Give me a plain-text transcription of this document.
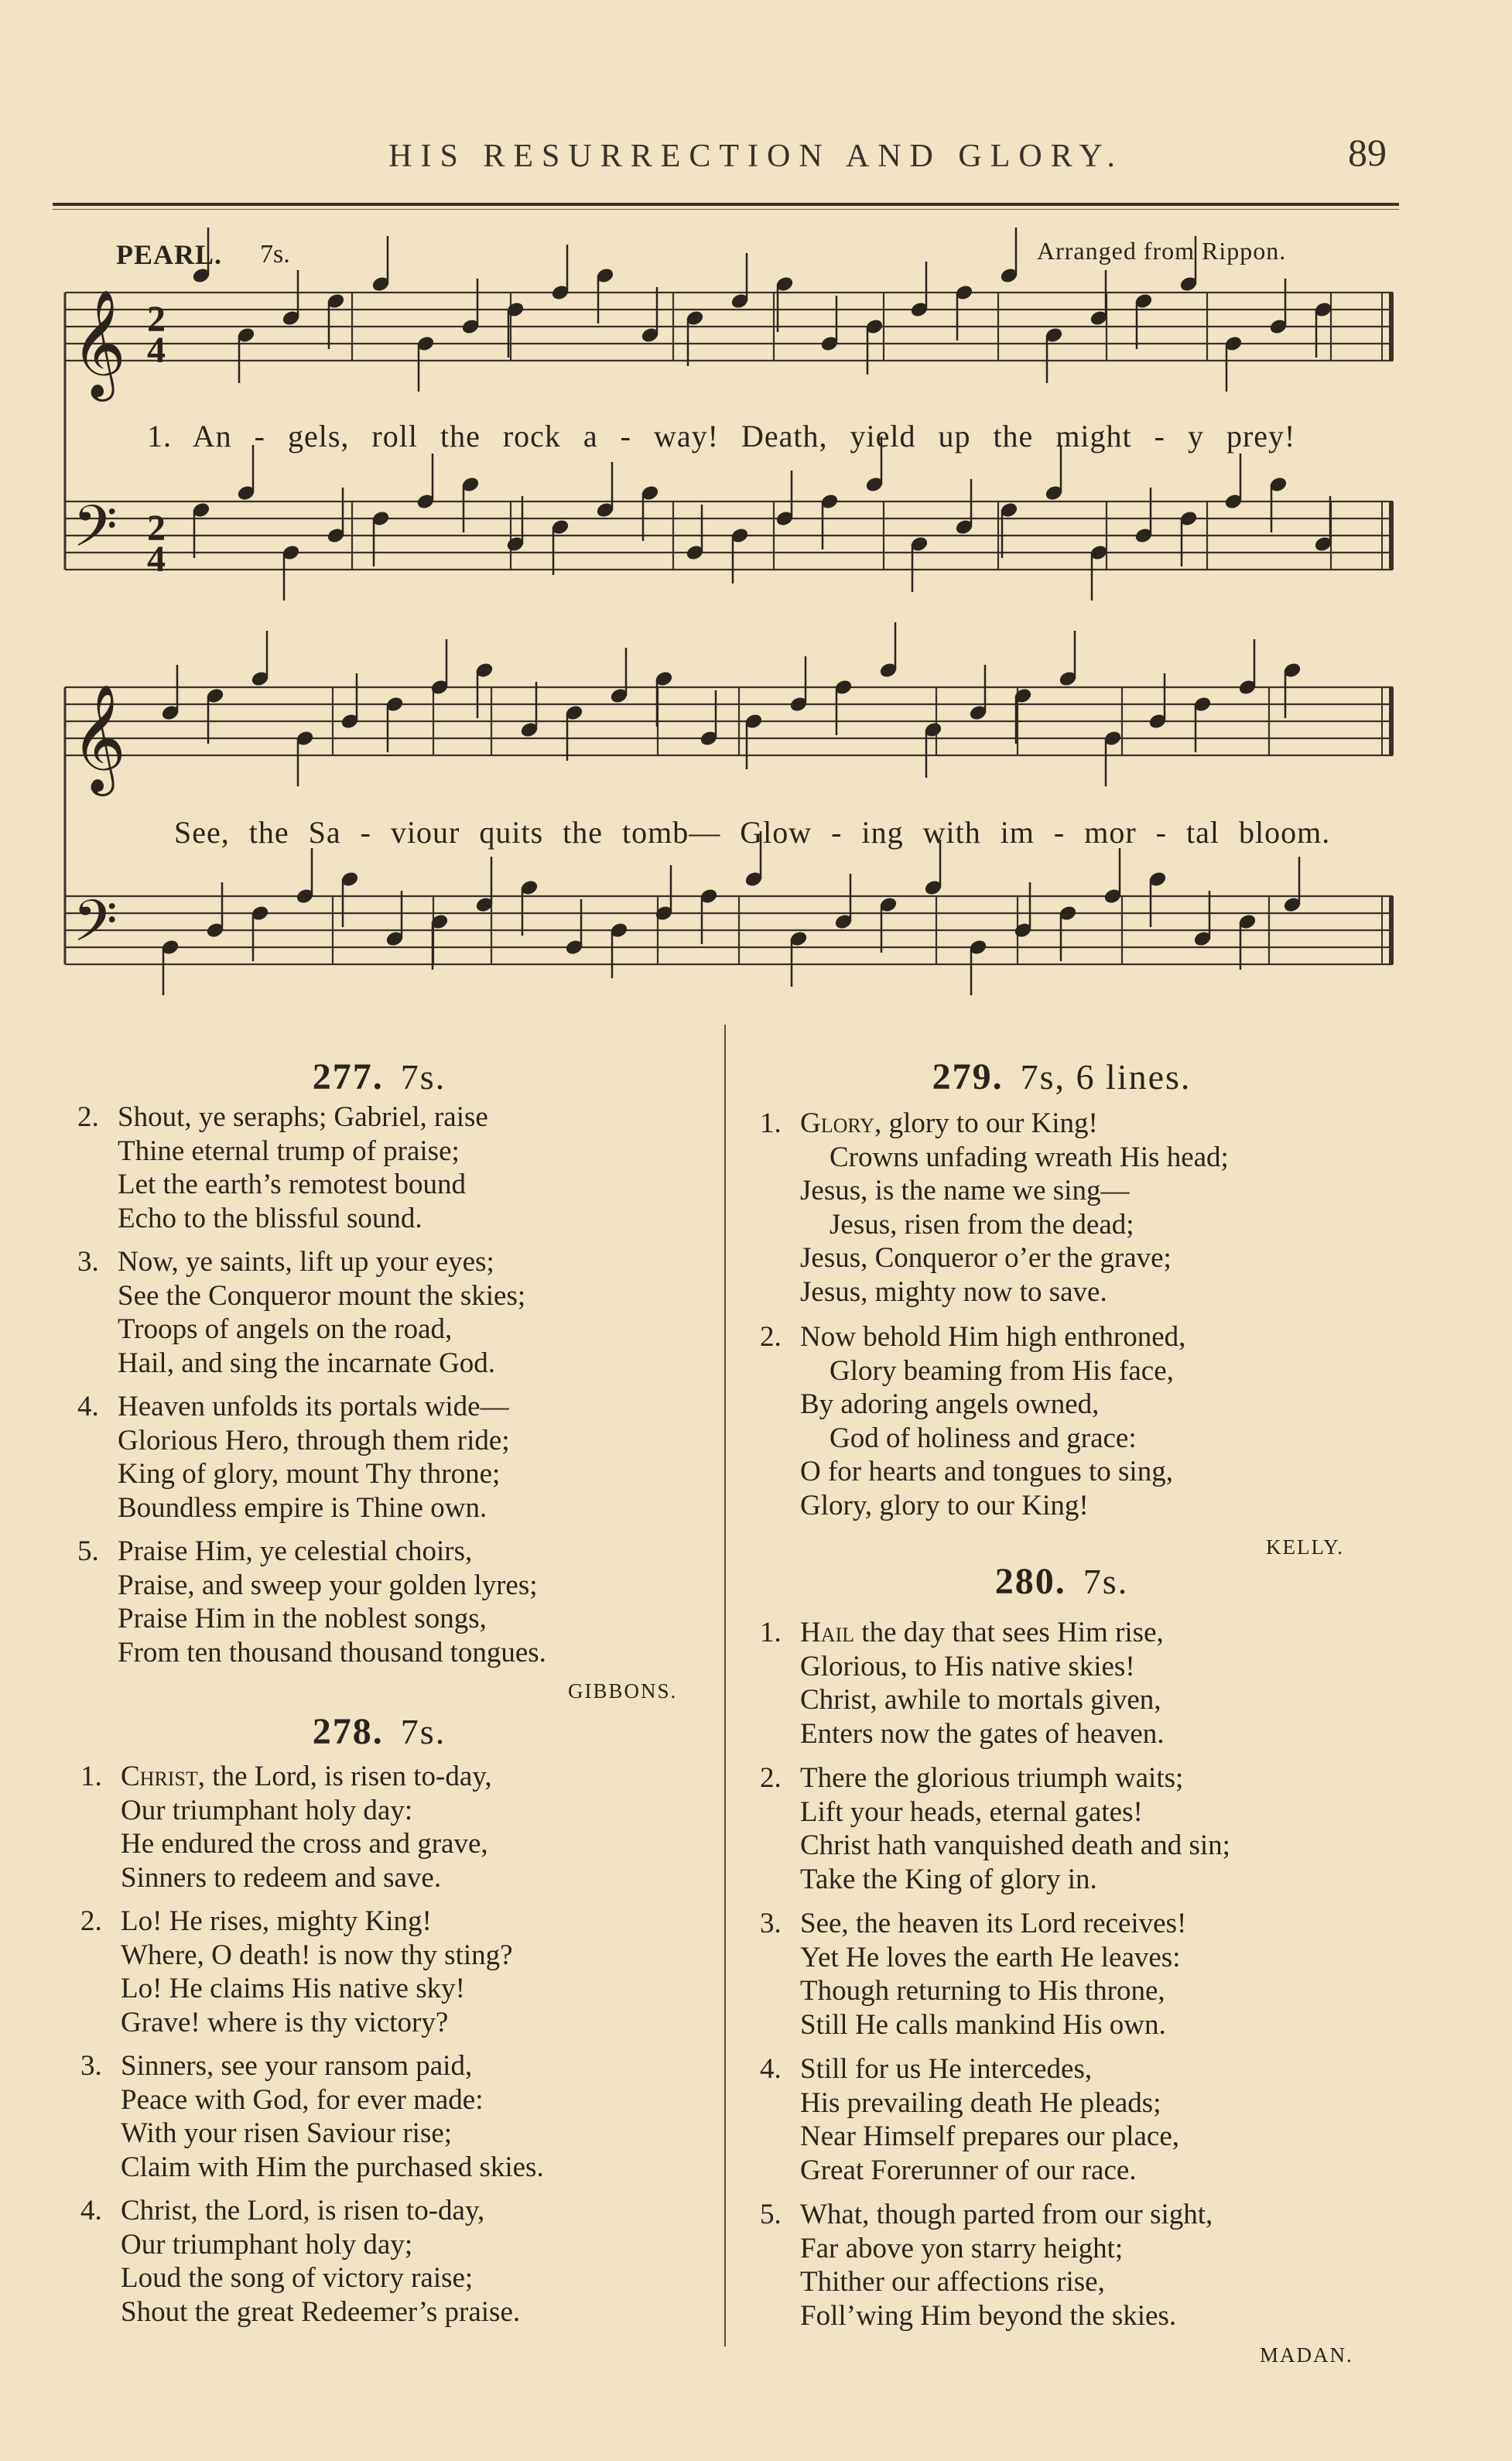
HIS RESURRECTION AND GLORY.	89
PEARL. 7s.	Arranged from Rippon.
𝄞
𝄢
𝄞
𝄢
2
4
2
4
1. An - gels, roll the rock a - way! Death, yield up the might - y prey!
See, the Sa - viour quits the tomb— Glow - ing with im - mor - tal bloom.
277. 7s.
2. Shout, ye seraphs; Gabriel, raise
Thine eternal trump of praise;
Let the earth’s remotest bound
Echo to the blissful sound.
3. Now, ye saints, lift up your eyes;
See the Conqueror mount the skies;
Troops of angels on the road,
Hail, and sing the incarnate God.
4. Heaven unfolds its portals wide—
Glorious Hero, through them ride;
King of glory, mount Thy throne;
Boundless empire is Thine own.
5. Praise Him, ye celestial choirs,
Praise, and sweep your golden lyres;
Praise Him in the noblest songs,
From ten thousand thousand tongues.
GIBBONS.
278. 7s.
1. Christ, the Lord, is risen to-day,
Our triumphant holy day:
He endured the cross and grave,
Sinners to redeem and save.
2. Lo! He rises, mighty King!
Where, O death! is now thy sting?
Lo! He claims His native sky!
Grave! where is thy victory?
3. Sinners, see your ransom paid,
Peace with God, for ever made:
With your risen Saviour rise;
Claim with Him the purchased skies.
4. Christ, the Lord, is risen to-day,
Our triumphant holy day;
Loud the song of victory raise;
Shout the great Redeemer’s praise.
279. 7s, 6 lines.
1. Glory, glory to our King!
Crowns unfading wreath His head;
Jesus, is the name we sing—
Jesus, risen from the dead;
Jesus, Conqueror o’er the grave;
Jesus, mighty now to save.
2. Now behold Him high enthroned,
Glory beaming from His face,
By adoring angels owned,
God of holiness and grace:
O for hearts and tongues to sing,
Glory, glory to our King!
KELLY.
280. 7s.
1. Hail the day that sees Him rise,
Glorious, to His native skies!
Christ, awhile to mortals given,
Enters now the gates of heaven.
2. There the glorious triumph waits;
Lift your heads, eternal gates!
Christ hath vanquished death and sin;
Take the King of glory in.
3. See, the heaven its Lord receives!
Yet He loves the earth He leaves:
Though returning to His throne,
Still He calls mankind His own.
4. Still for us He intercedes,
His prevailing death He pleads;
Near Himself prepares our place,
Great Forerunner of our race.
5. What, though parted from our sight,
Far above yon starry height;
Thither our affections rise,
Foll’wing Him beyond the skies.
MADAN.
